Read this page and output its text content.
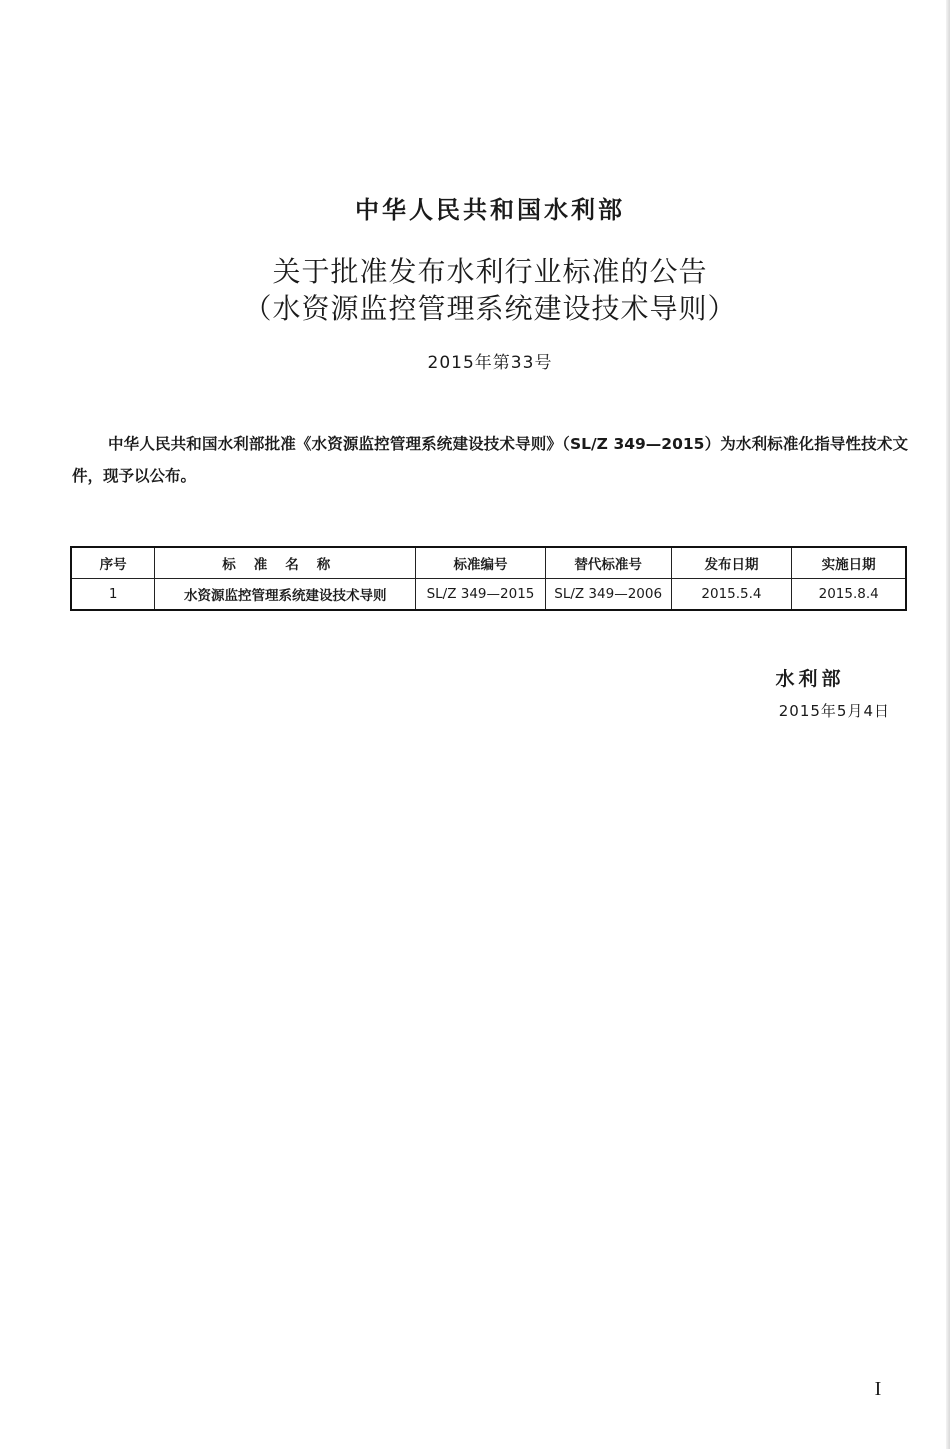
中华人民共和国水利部
关于批准发布水利行业标准的公告
（水资源监控管理系统建设技术导则）
2015年第33号

中华人民共和国水利部批准《水资源监控管理系统建设技术导则》（SL/Z 349—2015）为水利标准化指导性技术文件，现予以公布。

序号	标准名称	标准编号	替代标准号	发布日期	实施日期
1	水资源监控管理系统建设技术导则	SL/Z 349—2015	SL/Z 349—2006	2015.5.4	2015.8.4
水利部
2015年5月4日
I
